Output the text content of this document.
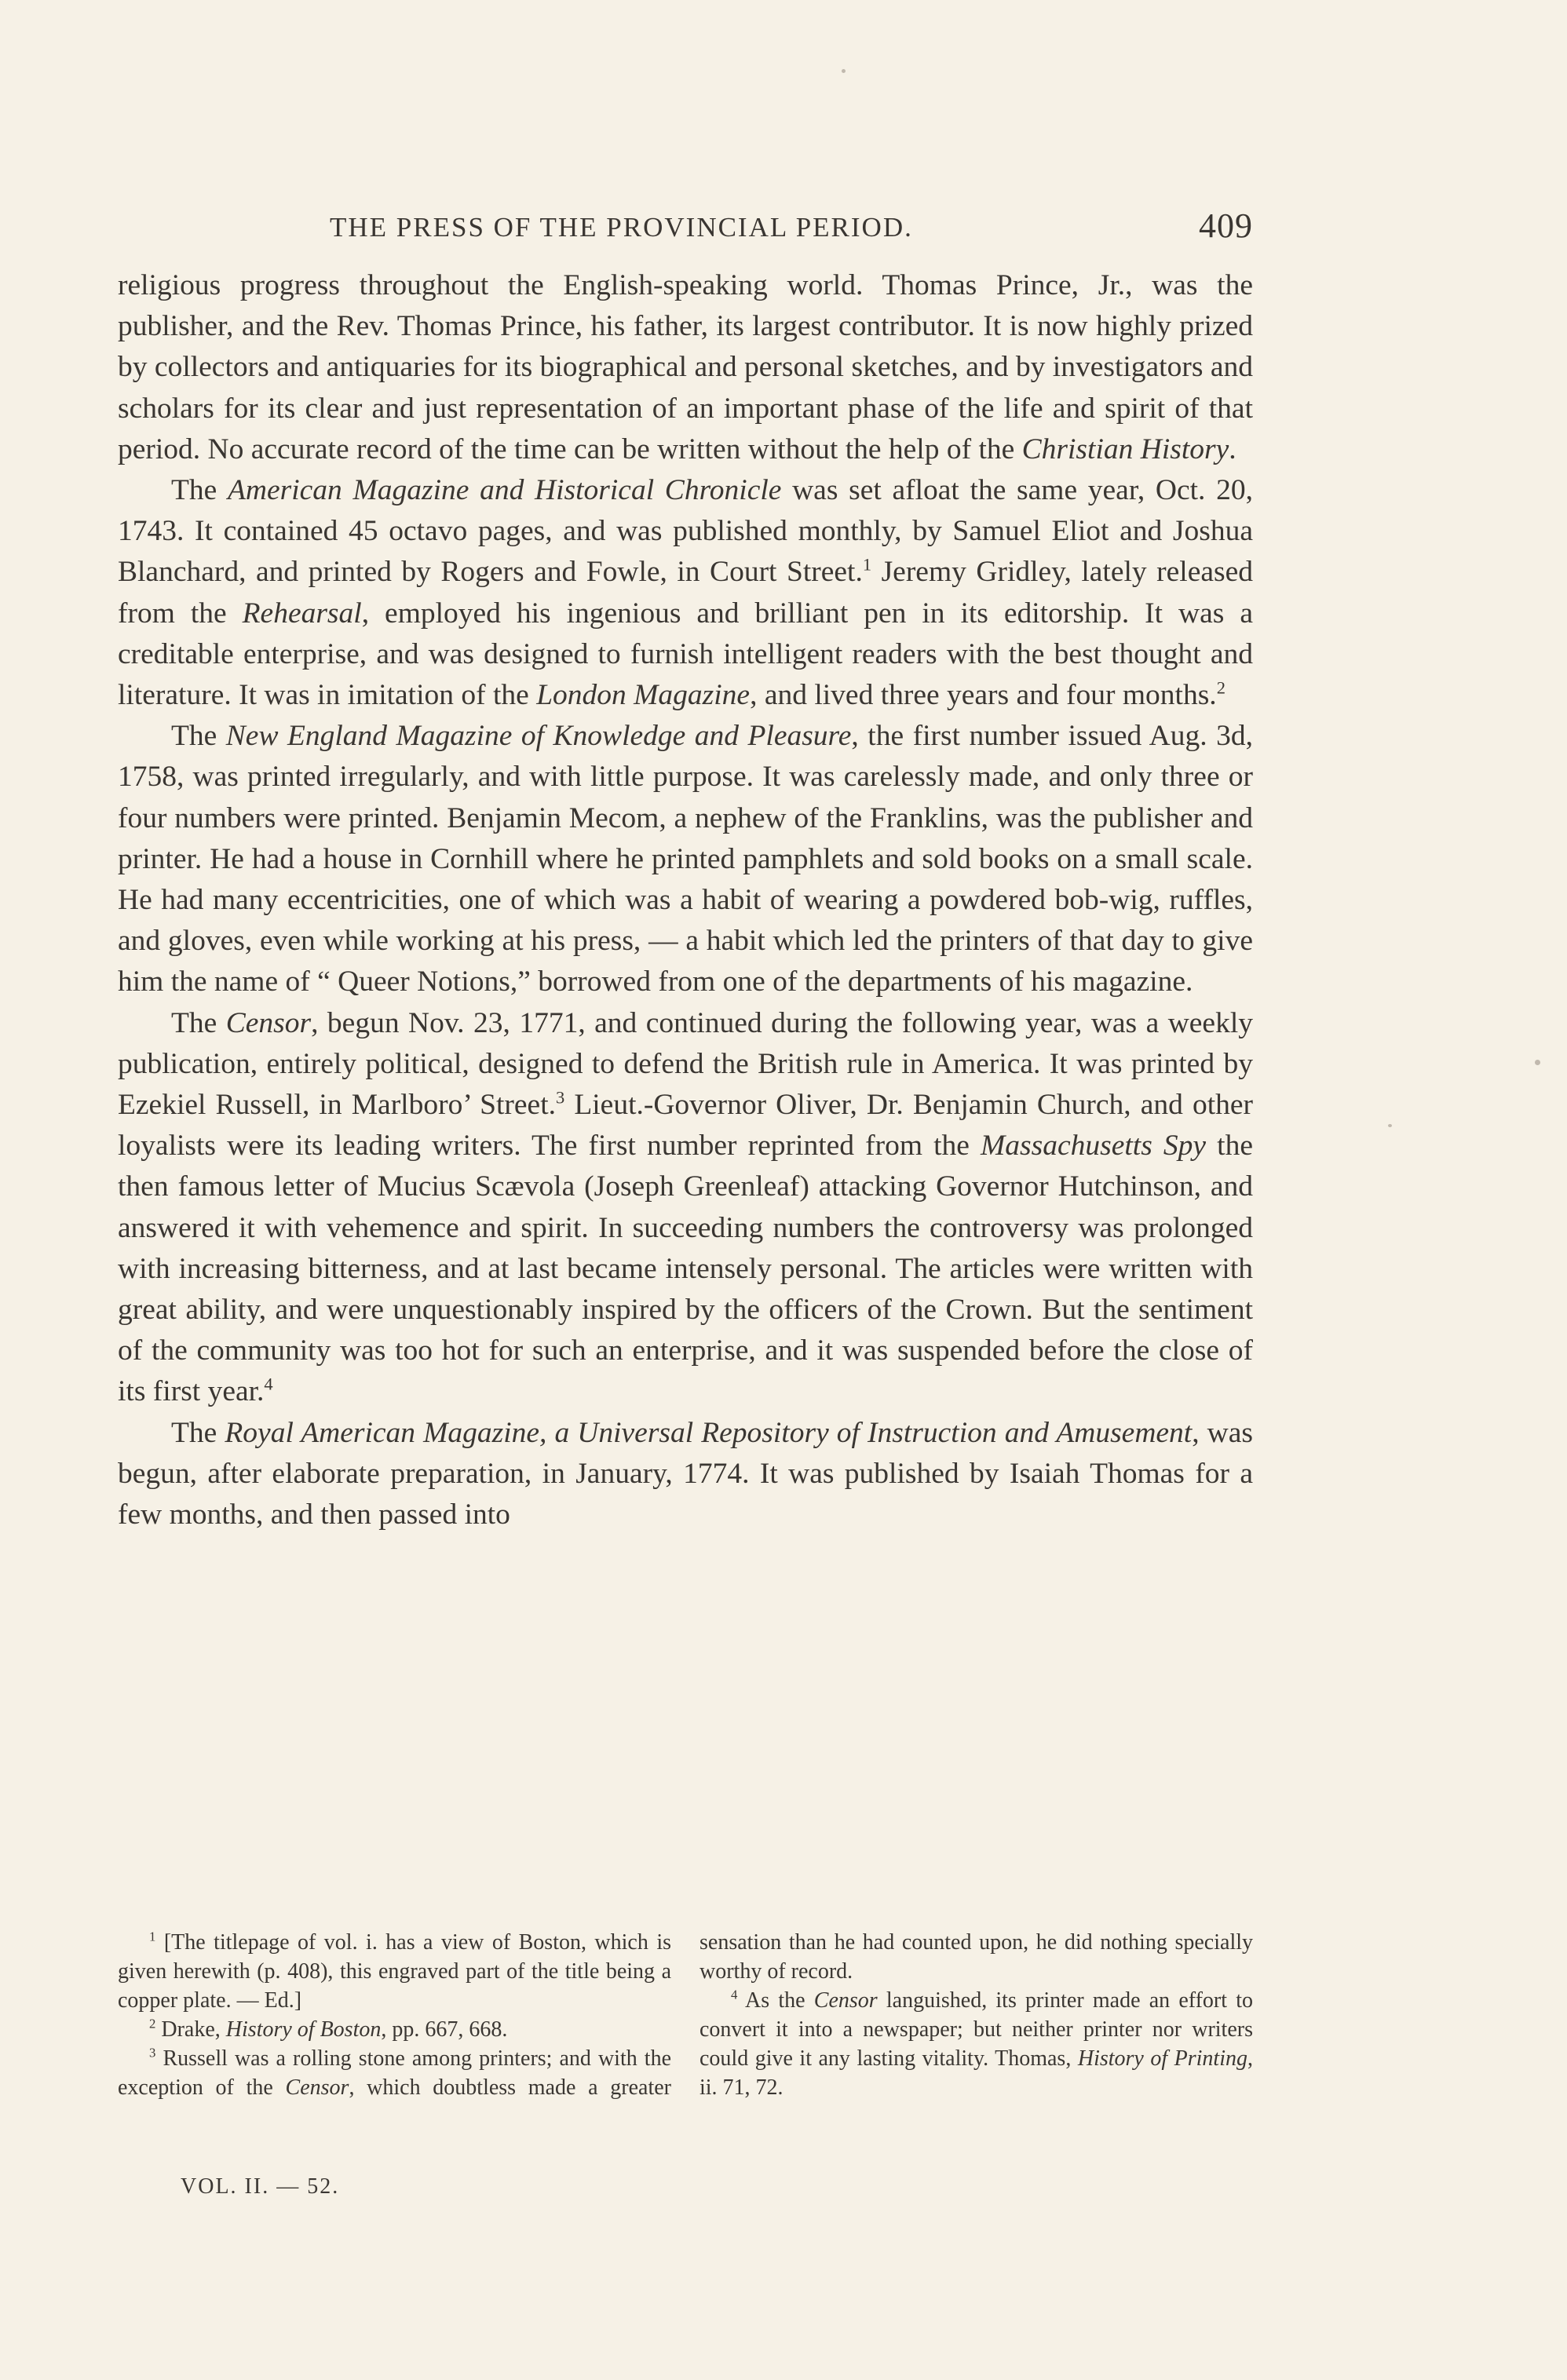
THE PRESS OF THE PROVINCIAL PERIOD.	409

religious progress throughout the English-speaking world. Thomas Prince, Jr., was the publisher, and the Rev. Thomas Prince, his father, its largest contributor. It is now highly prized by collectors and antiquaries for its biographical and personal sketches, and by investigators and scholars for its clear and just representation of an important phase of the life and spirit of that period. No accurate record of the time can be written without the help of the Christian History.

The American Magazine and Historical Chronicle was set afloat the same year, Oct. 20, 1743. It contained 45 octavo pages, and was published monthly, by Samuel Eliot and Joshua Blanchard, and printed by Rogers and Fowle, in Court Street.$^1$ Jeremy Gridley, lately released from the Rehearsal, employed his ingenious and brilliant pen in its editorship. It was a creditable enterprise, and was designed to furnish intelligent readers with the best thought and literature. It was in imitation of the London Magazine, and lived three years and four months.$^2$

The New England Magazine of Knowledge and Pleasure, the first number issued Aug. 3d, 1758, was printed irregularly, and with little purpose. It was carelessly made, and only three or four numbers were printed. Benjamin Mecom, a nephew of the Franklins, was the publisher and printer. He had a house in Cornhill where he printed pamphlets and sold books on a small scale. He had many eccentricities, one of which was a habit of wearing a powdered bob-wig, ruffles, and gloves, even while working at his press, — a habit which led the printers of that day to give him the name of “ Queer Notions,” borrowed from one of the departments of his magazine.

The Censor, begun Nov. 23, 1771, and continued during the following year, was a weekly publication, entirely political, designed to defend the British rule in America. It was printed by Ezekiel Russell, in Marlboro’ Street.$^3$ Lieut.-Governor Oliver, Dr. Benjamin Church, and other loyalists were its leading writers. The first number reprinted from the Massachusetts Spy the then famous letter of Mucius Scævola (Joseph Greenleaf) attacking Governor Hutchinson, and answered it with vehemence and spirit. In succeeding numbers the controversy was prolonged with increasing bitterness, and at last became intensely personal. The articles were written with great ability, and were unquestionably inspired by the officers of the Crown. But the sentiment of the community was too hot for such an enterprise, and it was suspended before the close of its first year.$^4$

The Royal American Magazine, a Universal Repository of Instruction and Amusement, was begun, after elaborate preparation, in January, 1774. It was published by Isaiah Thomas for a few months, and then passed into

$^1$ [The titlepage of vol. i. has a view of Boston, which is given herewith (p. 408), this engraved part of the title being a copper plate. — Ed.]

$^2$ Drake, History of Boston, pp. 667, 668.

$^3$ Russell was a rolling stone among printers; and with the exception of the Censor, which doubtless made a greater sensation than he had counted upon, he did nothing specially worthy of record.

$^4$ As the Censor languished, its printer made an effort to convert it into a newspaper; but neither printer nor writers could give it any lasting vitality. Thomas, History of Printing, ii. 71, 72.

VOL. II. — 52.
